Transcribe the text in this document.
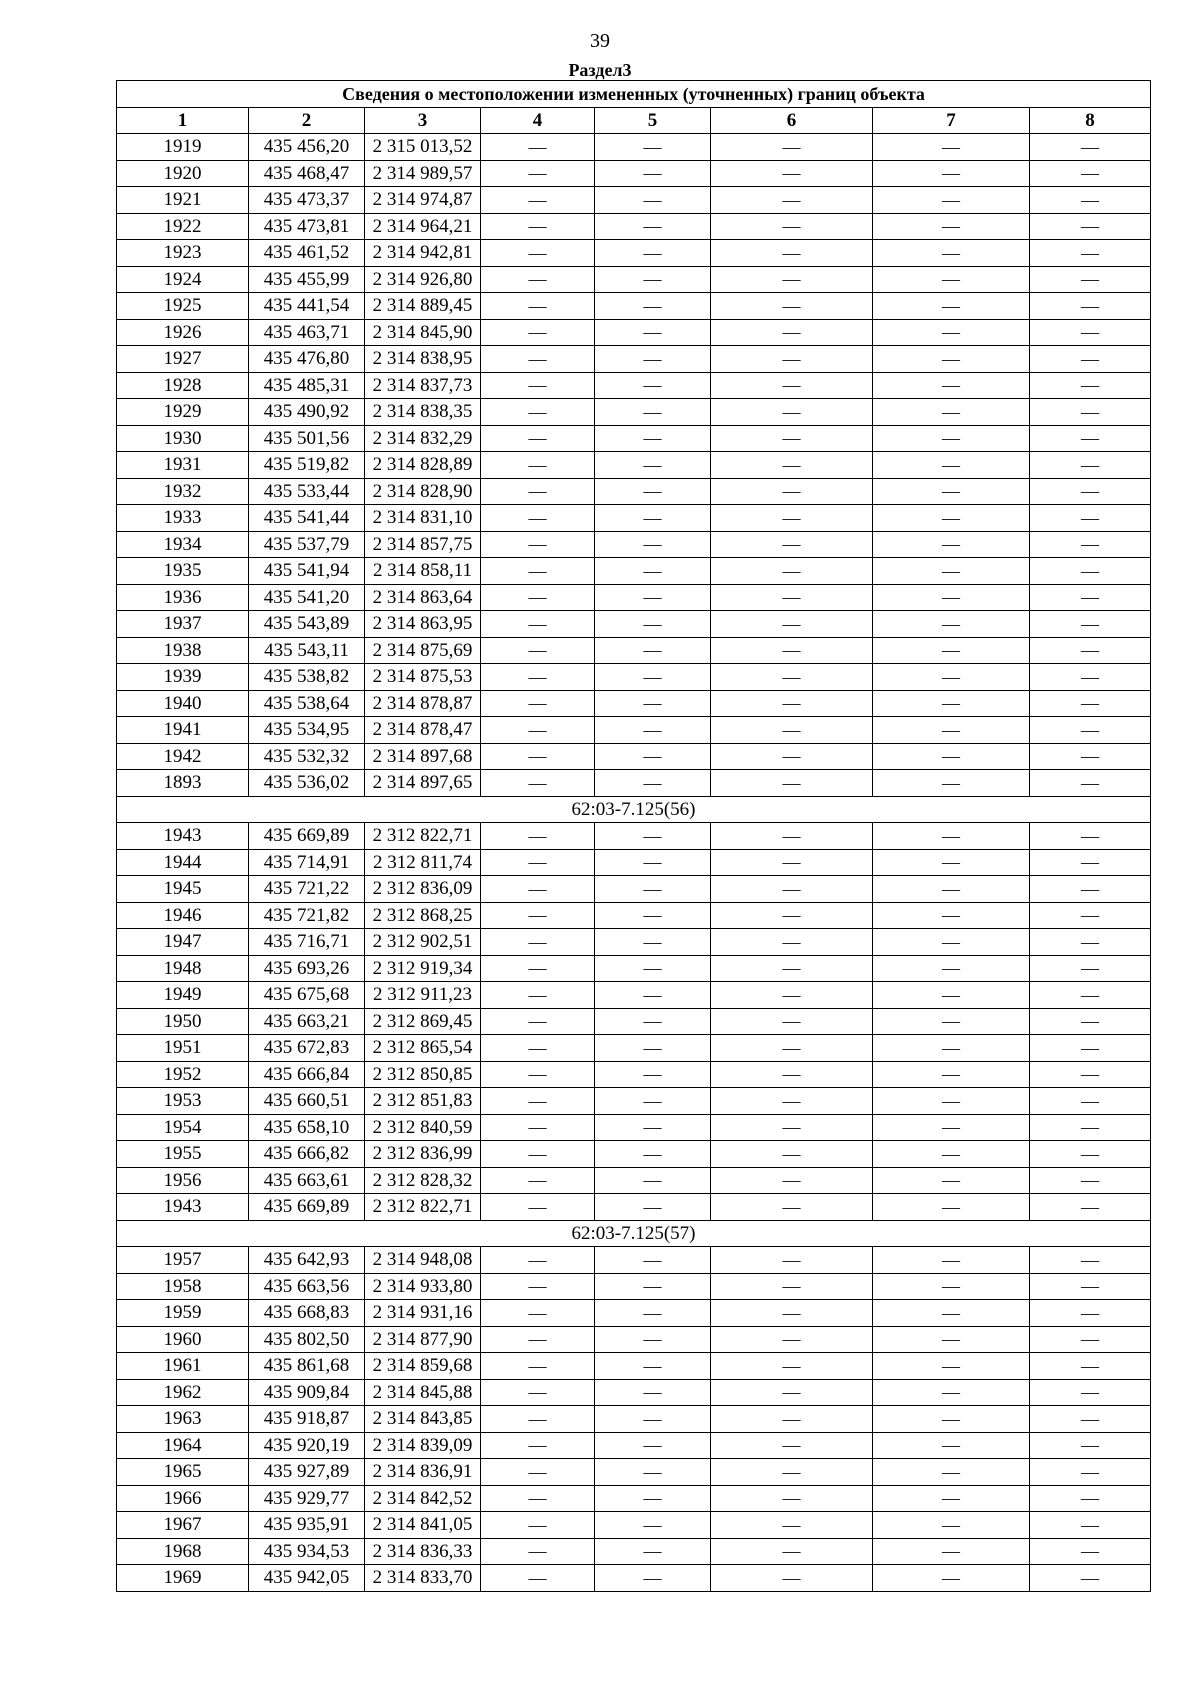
39
Раздел3
Сведения о местоположении измененных (уточненных) границ объекта							
1	2	3	4	5	6	7	8
1919	435 456,20	2 315 013,52	—	—	—	—	—
1920	435 468,47	2 314 989,57	—	—	—	—	—
1921	435 473,37	2 314 974,87	—	—	—	—	—
1922	435 473,81	2 314 964,21	—	—	—	—	—
1923	435 461,52	2 314 942,81	—	—	—	—	—
1924	435 455,99	2 314 926,80	—	—	—	—	—
1925	435 441,54	2 314 889,45	—	—	—	—	—
1926	435 463,71	2 314 845,90	—	—	—	—	—
1927	435 476,80	2 314 838,95	—	—	—	—	—
1928	435 485,31	2 314 837,73	—	—	—	—	—
1929	435 490,92	2 314 838,35	—	—	—	—	—
1930	435 501,56	2 314 832,29	—	—	—	—	—
1931	435 519,82	2 314 828,89	—	—	—	—	—
1932	435 533,44	2 314 828,90	—	—	—	—	—
1933	435 541,44	2 314 831,10	—	—	—	—	—
1934	435 537,79	2 314 857,75	—	—	—	—	—
1935	435 541,94	2 314 858,11	—	—	—	—	—
1936	435 541,20	2 314 863,64	—	—	—	—	—
1937	435 543,89	2 314 863,95	—	—	—	—	—
1938	435 543,11	2 314 875,69	—	—	—	—	—
1939	435 538,82	2 314 875,53	—	—	—	—	—
1940	435 538,64	2 314 878,87	—	—	—	—	—
1941	435 534,95	2 314 878,47	—	—	—	—	—
1942	435 532,32	2 314 897,68	—	—	—	—	—
1893	435 536,02	2 314 897,65	—	—	—	—	—
62:03-7.125(56)							
1943	435 669,89	2 312 822,71	—	—	—	—	—
1944	435 714,91	2 312 811,74	—	—	—	—	—
1945	435 721,22	2 312 836,09	—	—	—	—	—
1946	435 721,82	2 312 868,25	—	—	—	—	—
1947	435 716,71	2 312 902,51	—	—	—	—	—
1948	435 693,26	2 312 919,34	—	—	—	—	—
1949	435 675,68	2 312 911,23	—	—	—	—	—
1950	435 663,21	2 312 869,45	—	—	—	—	—
1951	435 672,83	2 312 865,54	—	—	—	—	—
1952	435 666,84	2 312 850,85	—	—	—	—	—
1953	435 660,51	2 312 851,83	—	—	—	—	—
1954	435 658,10	2 312 840,59	—	—	—	—	—
1955	435 666,82	2 312 836,99	—	—	—	—	—
1956	435 663,61	2 312 828,32	—	—	—	—	—
1943	435 669,89	2 312 822,71	—	—	—	—	—
62:03-7.125(57)							
1957	435 642,93	2 314 948,08	—	—	—	—	—
1958	435 663,56	2 314 933,80	—	—	—	—	—
1959	435 668,83	2 314 931,16	—	—	—	—	—
1960	435 802,50	2 314 877,90	—	—	—	—	—
1961	435 861,68	2 314 859,68	—	—	—	—	—
1962	435 909,84	2 314 845,88	—	—	—	—	—
1963	435 918,87	2 314 843,85	—	—	—	—	—
1964	435 920,19	2 314 839,09	—	—	—	—	—
1965	435 927,89	2 314 836,91	—	—	—	—	—
1966	435 929,77	2 314 842,52	—	—	—	—	—
1967	435 935,91	2 314 841,05	—	—	—	—	—
1968	435 934,53	2 314 836,33	—	—	—	—	—
1969	435 942,05	2 314 833,70	—	—	—	—	—
